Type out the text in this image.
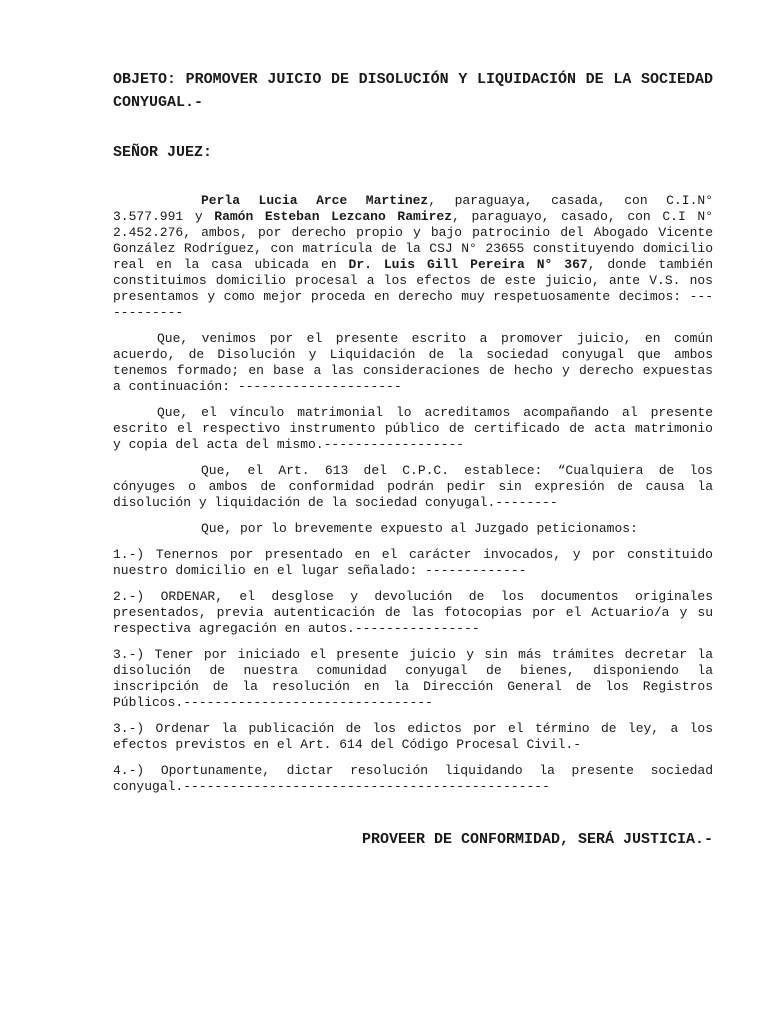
OBJETO: PROMOVER JUICIO DE DISOLUCIÓN Y LIQUIDACIÓN DE LA SOCIEDAD CONYUGAL.-

SEÑOR JUEZ:

Perla Lucia Arce Martinez, paraguaya, casada, con C.I.N° 3.577.991 y Ramón Esteban Lezcano Ramirez, paraguayo, casado, con C.I N° 2.452.276, ambos, por derecho propio y bajo patrocinio del Abogado Vicente González Rodríguez, con matrícula de la CSJ N° 23655 constituyendo domicilio real en la casa ubicada en Dr. Luis Gill Pereira N° 367, donde también constituimos domicilio procesal a los efectos de este juicio, ante V.S. nos presentamos y como mejor proceda en derecho muy respetuosamente decimos: ------------

Que, venimos por el presente escrito a promover juicio, en común acuerdo, de Disolución y Liquidación de la sociedad conyugal que ambos tenemos formado; en base a las consideraciones de hecho y derecho expuestas a continuación: ---------------------

Que, el vínculo matrimonial lo acreditamos acompañando al presente escrito el respectivo instrumento público de certificado de acta matrimonio y copia del acta del mismo.------------------

Que, el Art. 613 del C.P.C. establece: “Cualquiera de los cónyuges o ambos de conformidad podrán pedir sin expresión de causa la disolución y liquidación de la sociedad conyugal.--------

Que, por lo brevemente expuesto al Juzgado peticionamos:

1.-) Tenernos por presentado en el carácter invocados, y por constituido nuestro domicilio en el lugar señalado: -------------

2.-) ORDENAR, el desglose y devolución de los documentos originales presentados, previa autenticación de las fotocopias por el Actuario/a y su respectiva agregación en autos.----------------

3.-) Tener por iniciado el presente juicio y sin más trámites decretar la disolución de nuestra comunidad conyugal de bienes, disponiendo la inscripción de la resolución en la Dirección General de los Registros Públicos.--------------------------------

3.-) Ordenar la publicación de los edictos por el término de ley, a los efectos previstos en el Art. 614 del Código Procesal Civil.-

4.-) Oportunamente, dictar resolución liquidando la presente sociedad conyugal.-----------------------------------------------

PROVEER DE CONFORMIDAD, SERÁ JUSTICIA.-
